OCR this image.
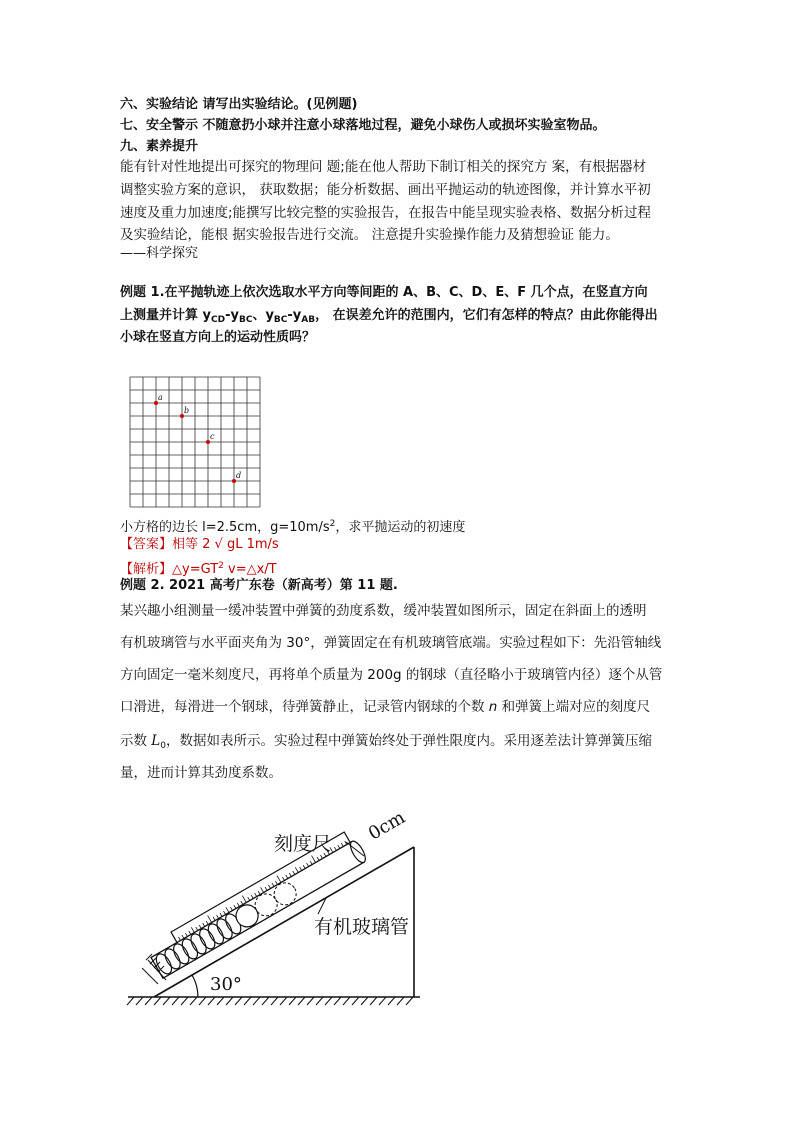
六、实验结论 请写出实验结论。(见例题)
七、安全警示 不随意扔小球并注意小球落地过程，避免小球伤人或损坏实验室物品。
九、素养提升
能有针对性地提出可探究的物理问 题;能在他人帮助下制订相关的探究方 案，有根据器材
调整实验方案的意识， 获取数据；能分析数据、画出平抛运动的轨迹图像，并计算水平初
速度及重力加速度;能撰写比较完整的实验报告，在报告中能呈现实验表格、数据分析过程
及实验结论，能根 据实验报告进行交流。 注意提升实验操作能力及猜想验证 能力。
——科学探究
例题 1.在平抛轨迹上依次选取水平方向等间距的 A、B、C、D、E、F 几个点，在竖直方向
上测量并计算 $y_{CD}-y_{BC}$、$y_{BC}-y_{AB}$， 在误差允许的范围内，它们有怎样的特点？由此你能得出
小球在竖直方向上的运动性质吗？
a
b
c
d
小方格的边长 l=2.5cm，$g=10m/s^2$，求平抛运动的初速度
【答案】相等 2 √ gL 1m/s
【解析】$\triangle y=GT^2$ v=△x/T
例题 2. 2021 高考广东卷（新高考）第 11 题.
某兴趣小组测量一缓冲装置中弹簧的劲度系数，缓冲装置如图所示，固定在斜面上的透明
有机玻璃管与水平面夹角为 30°，弹簧固定在有机玻璃管底端。实验过程如下：先沿管轴线
方向固定一毫米刻度尺，再将单个质量为 200g 的钢球（直径略小于玻璃管内径）逐个从管
口滑进，每滑进一个钢球，待弹簧静止，记录管内钢球的个数 n 和弹簧上端对应的刻度尺
示数 $L_0$，数据如表所示。实验过程中弹簧始终处于弹性限度内。采用逐差法计算弹簧压缩
量，进而计算其劲度系数。
30°
刻度尺 0cm
有机玻璃管
